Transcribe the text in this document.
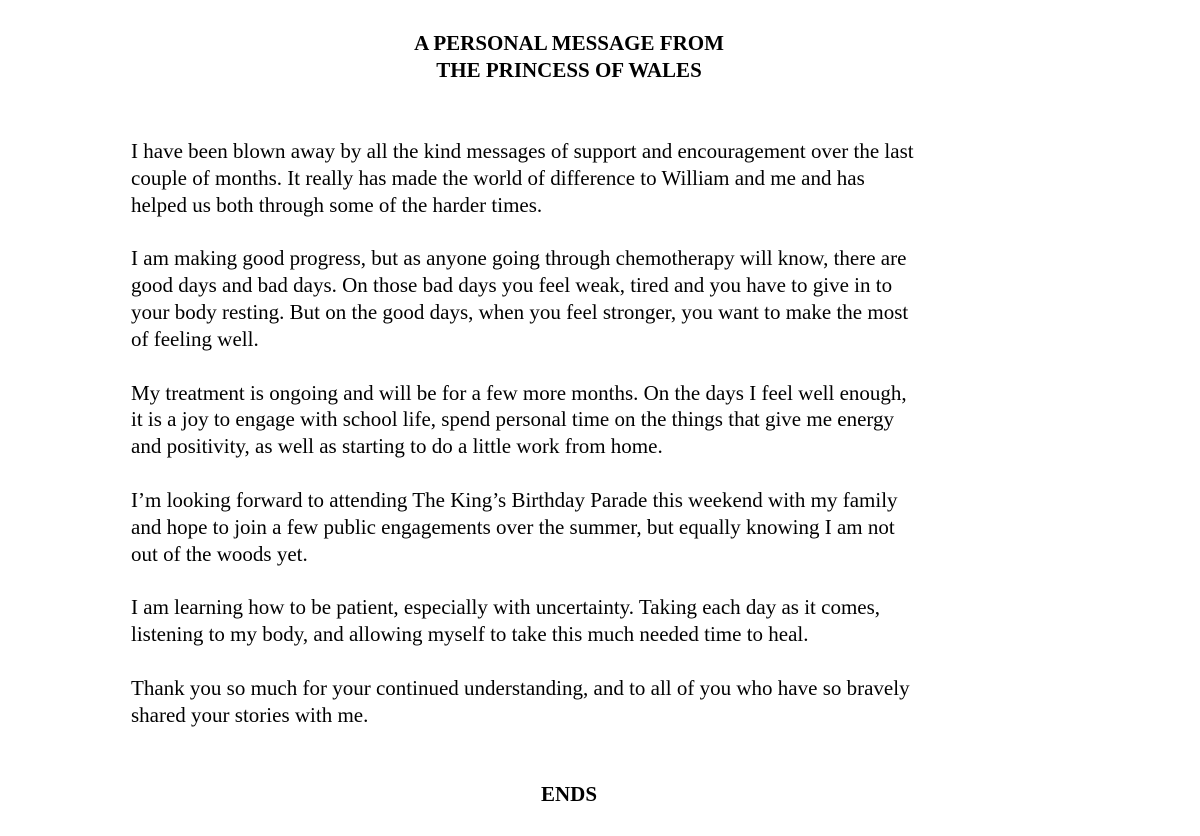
A PERSONAL MESSAGE FROM
THE PRINCESS OF WALES

I have been blown away by all the kind messages of support and encouragement over the last
couple of months. It really has made the world of difference to William and me and has
helped us both through some of the harder times.

I am making good progress, but as anyone going through chemotherapy will know, there are
good days and bad days. On those bad days you feel weak, tired and you have to give in to
your body resting. But on the good days, when you feel stronger, you want to make the most
of feeling well.

My treatment is ongoing and will be for a few more months. On the days I feel well enough,
it is a joy to engage with school life, spend personal time on the things that give me energy
and positivity, as well as starting to do a little work from home.

I’m looking forward to attending The King’s Birthday Parade this weekend with my family
and hope to join a few public engagements over the summer, but equally knowing I am not
out of the woods yet.

I am learning how to be patient, especially with uncertainty. Taking each day as it comes,
listening to my body, and allowing myself to take this much needed time to heal.

Thank you so much for your continued understanding, and to all of you who have so bravely
shared your stories with me.

ENDS
